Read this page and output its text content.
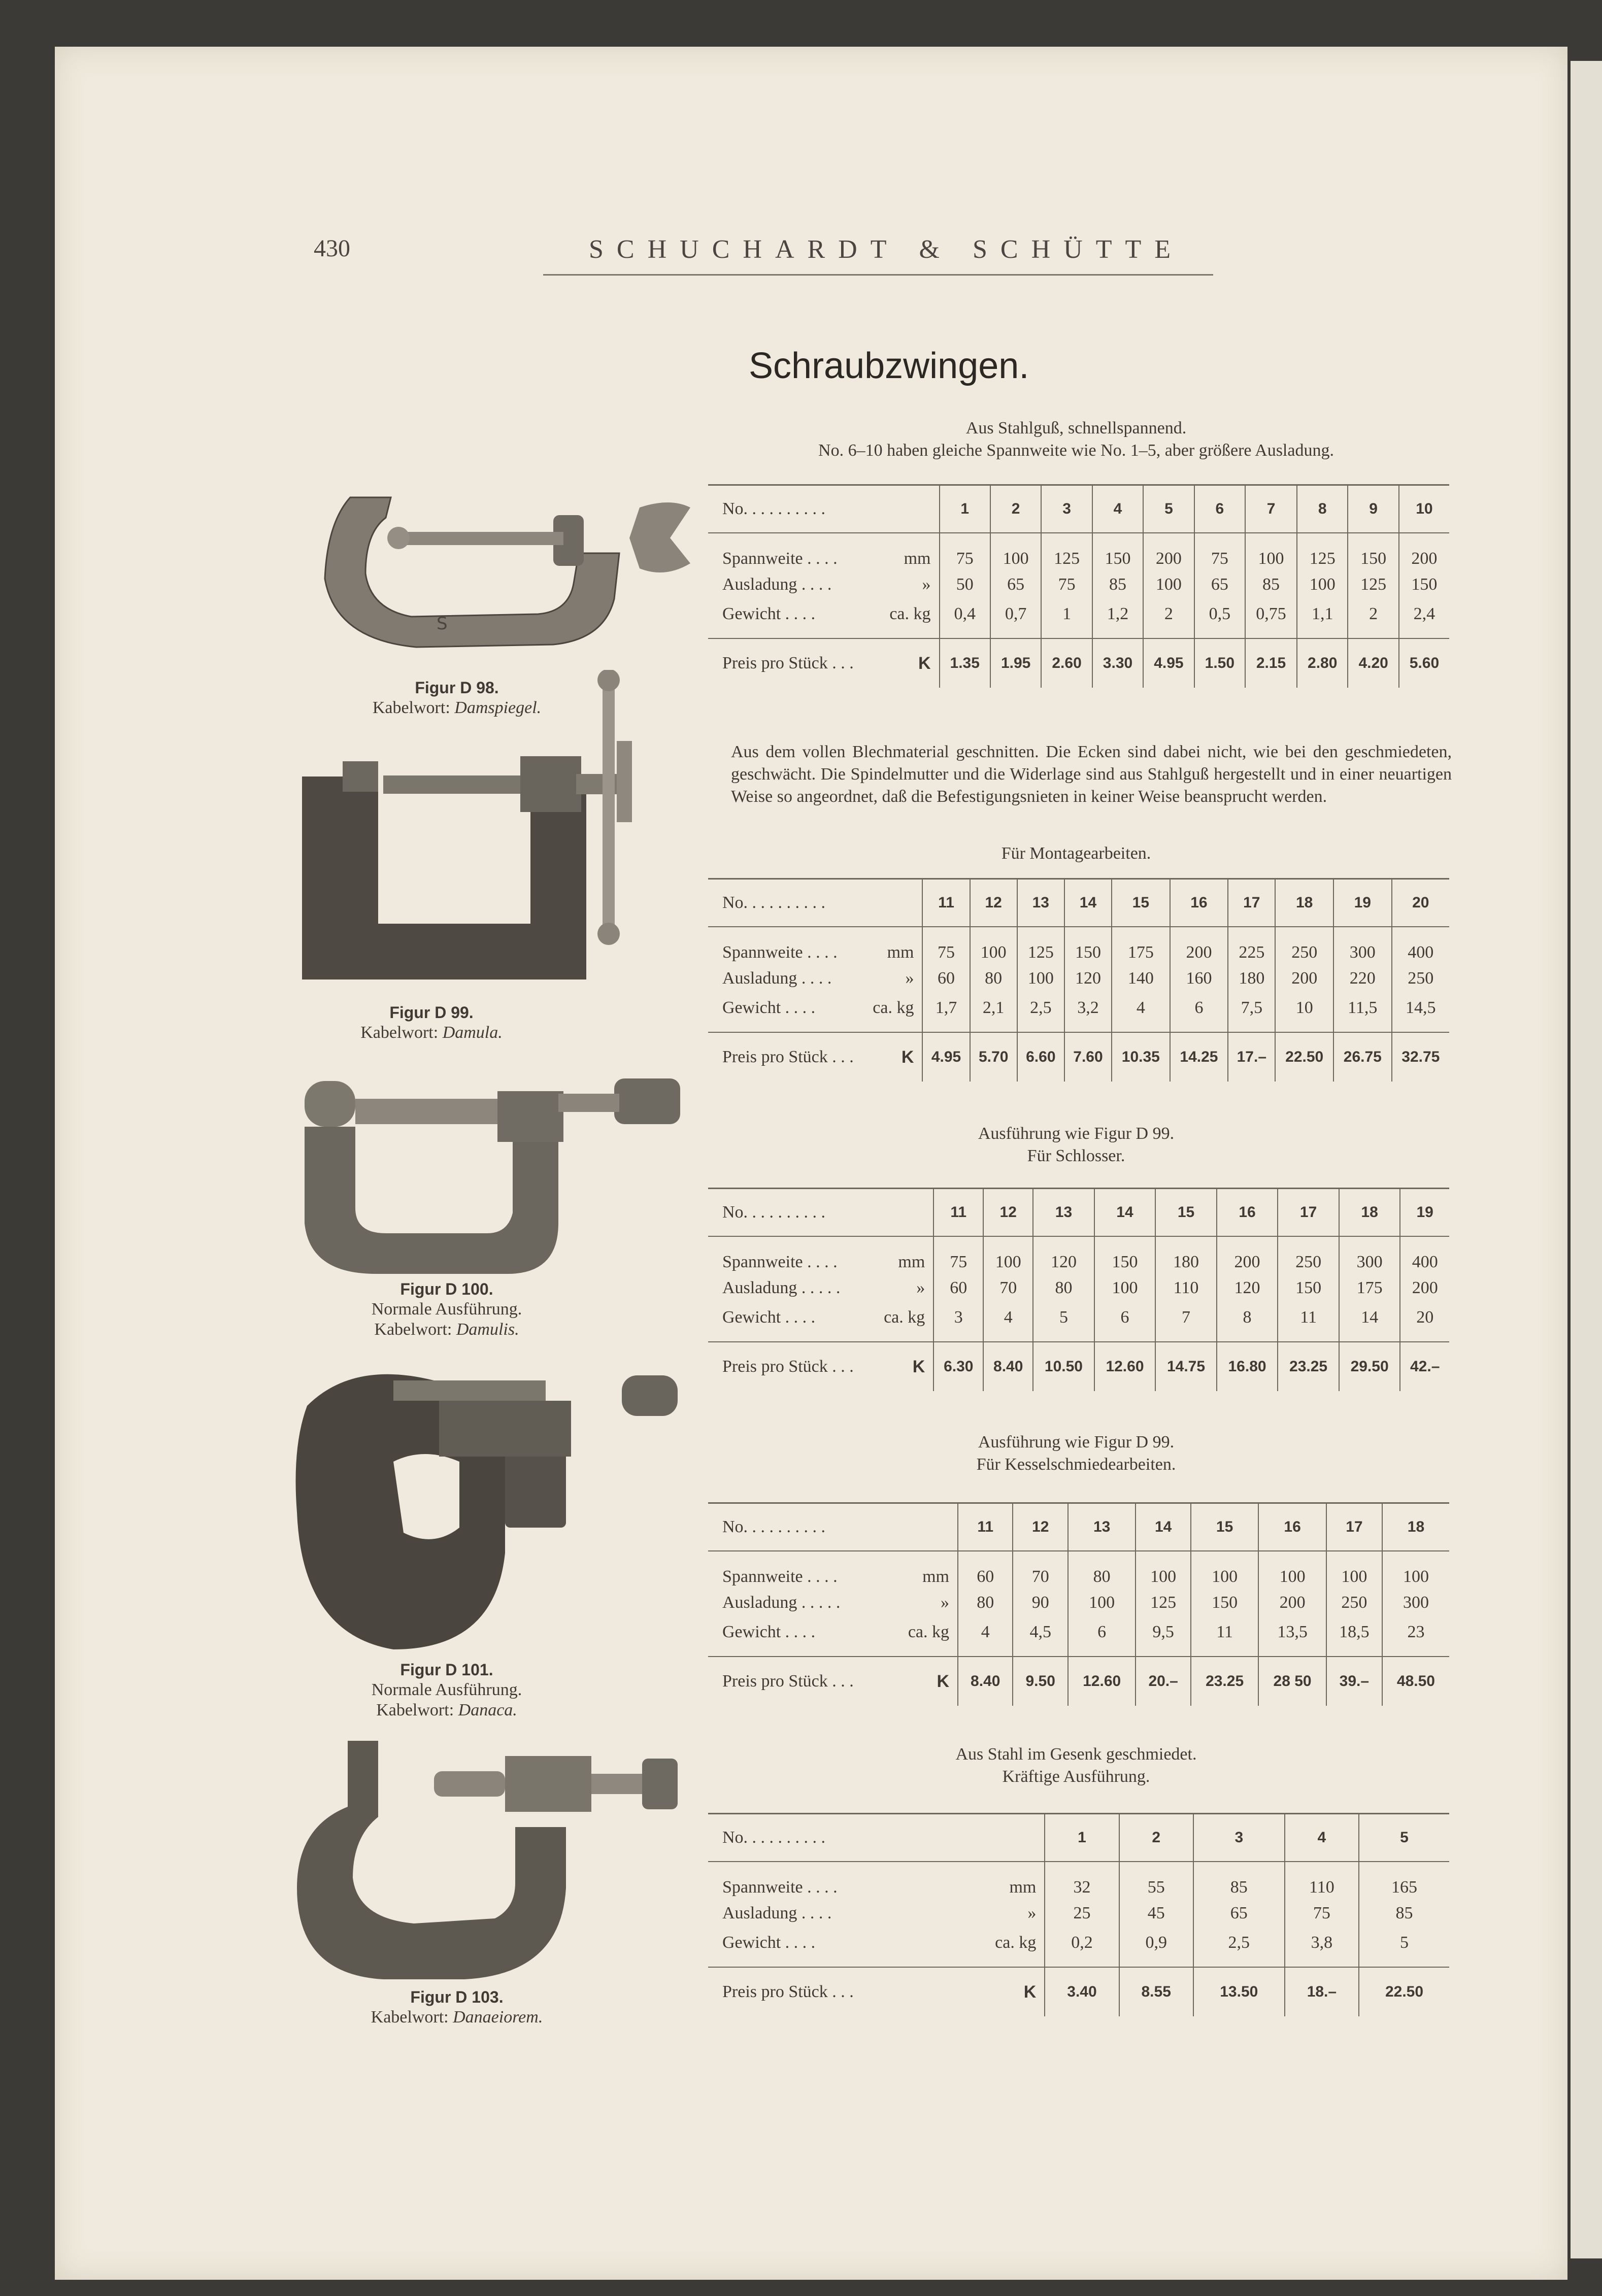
430	SCHUCHARDT & SCHÜTTE
Schraubzwingen.
S
Figur D 98.
Kabelwort: Damspiegel.
Figur D 99.
Kabelwort: Damula.
Figur D 100.
Normale Ausführung.
Kabelwort: Damulis.
Figur D 101.
Normale Ausführung.
Kabelwort: Danaca.
Figur D 103.
Kabelwort: Danaeiorem.
Aus Stahlguß, schnellspannend.
No. 6–10 haben gleiche Spannweite wie No. 1–5, aber größere Ausladung.
No. . . . . . . . . .	1	2	3	4	5	6	7	8	9	10
Spannweite . . . . mm	75	100	125	150	200	75	100	125	150	200
Ausladung . . . . »	50	65	75	85	100	65	85	100	125	150
Gewicht . . . . ca. kg	0,4	0,7	1	1,2	2	0,5	0,75	1,1	2	2,4
Preis pro Stück . . . K	1.35	1.95	2.60	3.30	4.95	1.50	2.15	2.80	4.20	5.60
Aus dem vollen Blechmaterial geschnitten. Die Ecken sind dabei nicht, wie bei den geschmiedeten, geschwächt. Die Spindelmutter und die Widerlage sind aus Stahlguß hergestellt und in einer neuartigen Weise so angeordnet, daß die Befestigungsnieten in keiner Weise beansprucht werden.
Für Montagearbeiten.
No. . . . . . . . . .	11	12	13	14	15	16	17	18	19	20
Spannweite . . . . mm	75	100	125	150	175	200	225	250	300	400
Ausladung . . . . »	60	80	100	120	140	160	180	200	220	250
Gewicht . . . . ca. kg	1,7	2,1	2,5	3,2	4	6	7,5	10	11,5	14,5
Preis pro Stück . . . K	4.95	5.70	6.60	7.60	10.35	14.25	17.–	22.50	26.75	32.75
Ausführung wie Figur D 99.
Für Schlosser.
No. . . . . . . . . .	11	12	13	14	15	16	17	18	19
Spannweite . . . . mm	75	100	120	150	180	200	250	300	400
Ausladung . . . . . »	60	70	80	100	110	120	150	175	200
Gewicht . . . . ca. kg	3	4	5	6	7	8	11	14	20
Preis pro Stück . . . K	6.30	8.40	10.50	12.60	14.75	16.80	23.25	29.50	42.–
Ausführung wie Figur D 99.
Für Kesselschmiedearbeiten.
No. . . . . . . . . .	11	12	13	14	15	16	17	18
Spannweite . . . . mm	60	70	80	100	100	100	100	100
Ausladung . . . . . »	80	90	100	125	150	200	250	300
Gewicht . . . . ca. kg	4	4,5	6	9,5	11	13,5	18,5	23
Preis pro Stück . . . K	8.40	9.50	12.60	20.–	23.25	28 50	39.–	48.50
Aus Stahl im Gesenk geschmiedet.
Kräftige Ausführung.
No. . . . . . . . . .	1	2	3	4	5
Spannweite . . . . mm	32	55	85	110	165
Ausladung . . . . »	25	45	65	75	85
Gewicht . . . . ca. kg	0,2	0,9	2,5	3,8	5
Preis pro Stück . . . K	3.40	8.55	13.50	18.–	22.50
